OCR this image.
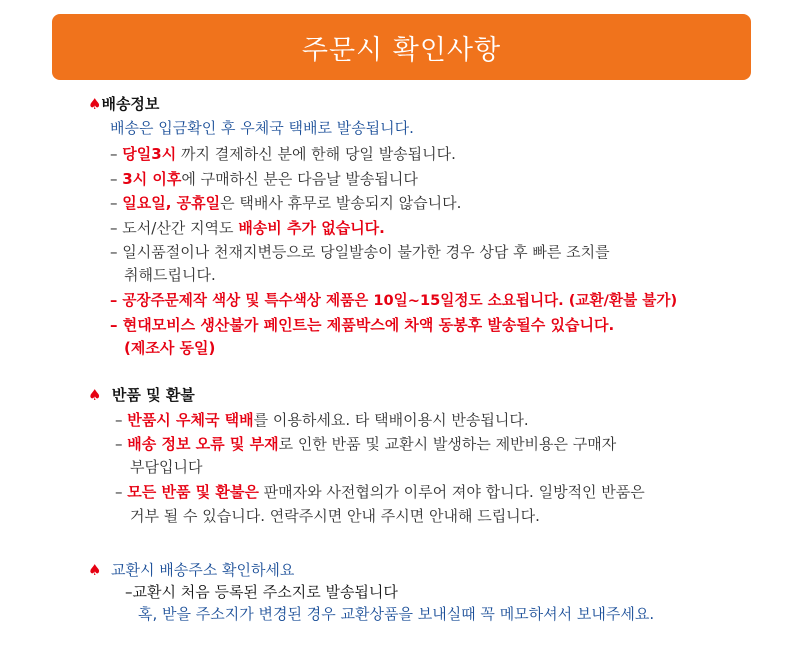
주문시 확인사항
♠배송정보
배송은 입금확인 후 우체국 택배로 발송됩니다.
– 당일3시 까지 결제하신 분에 한해 당일 발송됩니다.
– 3시 이후에 구매하신 분은 다음날 발송됩니다
– 일요일, 공휴일은 택배사 휴무로 발송되지 않습니다.
– 도서/산간 지역도 배송비 추가 없습니다.
– 일시품절이나 천재지변등으로 당일발송이 불가한 경우 상담 후 빠른 조치를
취해드립니다.
– 공장주문제작 색상 및 특수색상 제품은 10일~15일정도 소요됩니다. (교환/환불 불가)
– 현대모비스 생산불가 페인트는 제품박스에 차액 동봉후 발송될수 있습니다.
(제조사 동일)
♠ 반품 및 환불
– 반품시 우체국 택배를 이용하세요. 타 택배이용시 반송됩니다.
– 배송 정보 오류 및 부재로 인한 반품 및 교환시 발생하는 제반비용은 구매자
부담입니다
– 모든 반품 및 환불은 판매자와 사전협의가 이루어 져야 합니다. 일방적인 반품은
거부 될 수 있습니다. 연락주시면 안내 주시면 안내해 드립니다.
♠ 교환시 배송주소 확인하세요
–교환시 처음 등록된 주소지로 발송됩니다
혹, 받을 주소지가 변경된 경우 교환상품을 보내실때 꼭 메모하셔서 보내주세요.
